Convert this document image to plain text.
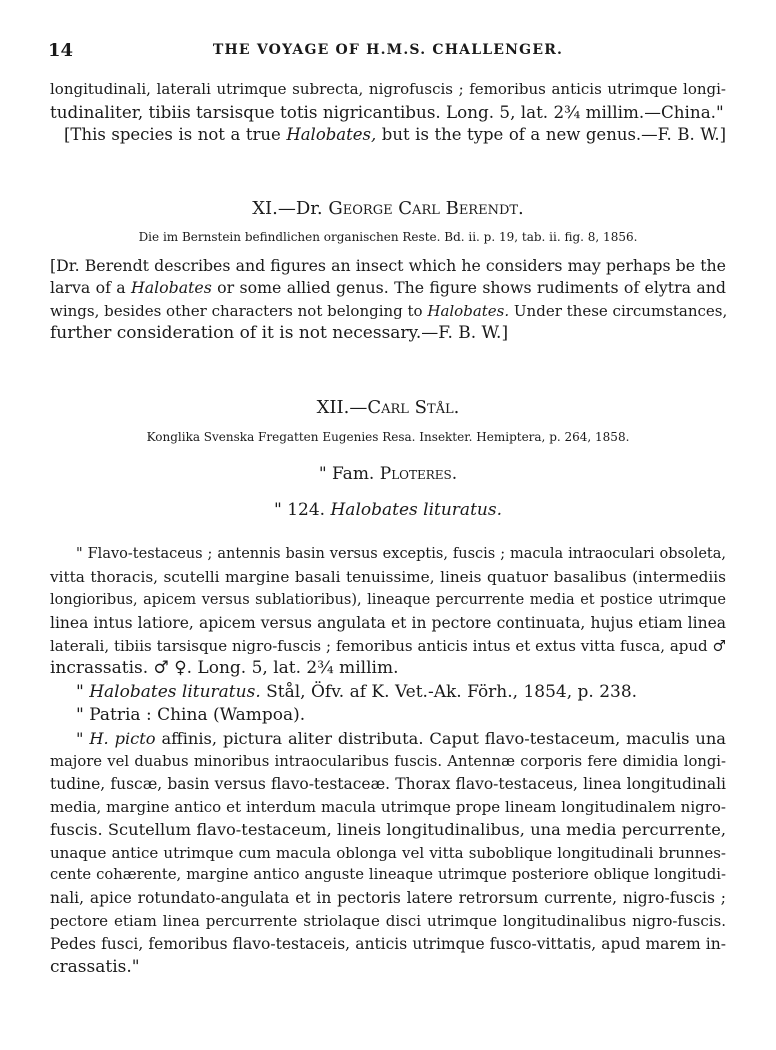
14	THE VOYAGE OF H.M.S. CHALLENGER.
longitudinali, laterali utrimque subrecta, nigrofuscis ; femoribus anticis utrimque longi-
tudinaliter, tibiis tarsisque totis nigricantibus. Long. 5, lat. 2¾ millim.—China."
[This species is not a true Halobates, but is the type of a new genus.—F. B. W.]
XI.—Dr. George Carl Berendt.
Die im Bernstein befindlichen organischen Reste. Bd. ii. p. 19, tab. ii. fig. 8, 1856.
[Dr. Berendt describes and figures an insect which he considers may perhaps be the
larva of a Halobates or some allied genus. The figure shows rudiments of elytra and
wings, besides other characters not belonging to Halobates. Under these circumstances,
further consideration of it is not necessary.—F. B. W.]
XII.—Carl Stål.
Konglika Svenska Fregatten Eugenies Resa. Insekter. Hemiptera, p. 264, 1858.
" Fam. Ploteres.
" 124. Halobates lituratus.
" Flavo-testaceus ; antennis basin versus exceptis, fuscis ; macula intraoculari obsoleta,
vitta thoracis, scutelli margine basali tenuissime, lineis quatuor basalibus (intermediis
longioribus, apicem versus sublatioribus), lineaque percurrente media et postice utrimque
linea intus latiore, apicem versus angulata et in pectore continuata, hujus etiam linea
laterali, tibiis tarsisque nigro-fuscis ; femoribus anticis intus et extus vitta fusca, apud ♂
incrassatis. ♂ ♀. Long. 5, lat. 2¾ millim.
" Halobates lituratus. Stål, Öfv. af K. Vet.-Ak. Förh., 1854, p. 238.
" Patria : China (Wampoa).
" H. picto affinis, pictura aliter distributa. Caput flavo-testaceum, maculis una
majore vel duabus minoribus intraocularibus fuscis. Antennæ corporis fere dimidia longi-
tudine, fuscæ, basin versus flavo-testaceæ. Thorax flavo-testaceus, linea longitudinali
media, margine antico et interdum macula utrimque prope lineam longitudinalem nigro-
fuscis. Scutellum flavo-testaceum, lineis longitudinalibus, una media percurrente,
unaque antice utrimque cum macula oblonga vel vitta suboblique longitudinali brunnes-
cente cohærente, margine antico anguste lineaque utrimque posteriore oblique longitudi-
nali, apice rotundato-angulata et in pectoris latere retrorsum currente, nigro-fuscis ;
pectore etiam linea percurrente striolaque disci utrimque longitudinalibus nigro-fuscis.
Pedes fusci, femoribus flavo-testaceis, anticis utrimque fusco-vittatis, apud marem in-
crassatis."
